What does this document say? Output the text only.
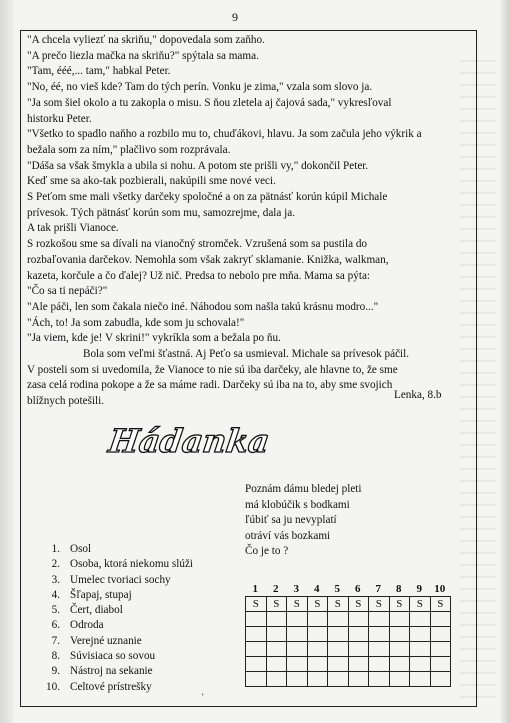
9

"A chcela vyliezť na skriňu," dopovedala som zaňho.

"A prečo liezla mačka na skriňu?" spýtala sa mama.

"Tam, ééé,... tam," habkal Peter.

"No, éé, no vieš kde? Tam do tých perín. Vonku je zima," vzala som slovo ja.

"Ja som šiel okolo a tu zakopla o misu. S ňou zletela aj čajová sada," vykresľoval

historku Peter.

"Všetko to spadlo naňho a rozbilo mu to, chuďákovi, hlavu. Ja som začula jeho výkrik a

bežala som za ním," plačlivo som rozprávala.

"Dáša sa však šmykla a ubila si nohu. A potom ste prišli vy," dokončil Peter.

Keď sme sa ako-tak pozbierali, nakúpili sme nové veci.

S Peťom sme mali všetky darčeky spoločné a on za pätnásť korún kúpil Michale

prívesok. Tých pätnásť korún som mu, samozrejme, dala ja.

A tak prišli Vianoce.

S rozkošou sme sa dívali na vianočný stromček. Vzrušená som sa pustila do

rozbaľovania darčekov. Nemohla som však zakryť sklamanie. Knižka, walkman,

kazeta, korčule a čo ďalej? Už nič. Predsa to nebolo pre mňa. Mama sa pýta:

"Čo sa ti nepáči?"

"Ale páči, len som čakala niečo iné. Náhodou som našla takú krásnu modro..."

"Ách, to! Ja som zabudla, kde som ju schovala!"

"Ja viem, kde je! V skrini!" vykríkla som a bežala po ňu.

Bola som veľmi šťastná. Aj Peťo sa usmieval. Michale sa prívesok páčil.

V posteli som si uvedomila, že Vianoce to nie sú iba darčeky, ale hlavne to, že sme

zasa celá rodina pokope a že sa máme radi. Darčeky sú iba na to, aby sme svojich

blížnych potešili.

Lenka, 8.b
Hádanka

Poznám dámu bledej pleti

má klobúčik s bodkami

ľúbiť sa ju nevyplatí

otráví vás bozkami

Čo je to ?

1. Osol
2. Osoba, ktorá niekomu slúži
3. Umelec tvoriaci sochy
4. Šľapaj, stupaj
5. Čert, diabol
6. Odroda
7. Verejné uznanie
8. Súvisiaca so sovou
9. Nástroj na sekanie
10. Celtové prístrešky
1	2	3	4	5	6	7	8	9	10
S	S	S	S	S	S	S	S	S	S

'
